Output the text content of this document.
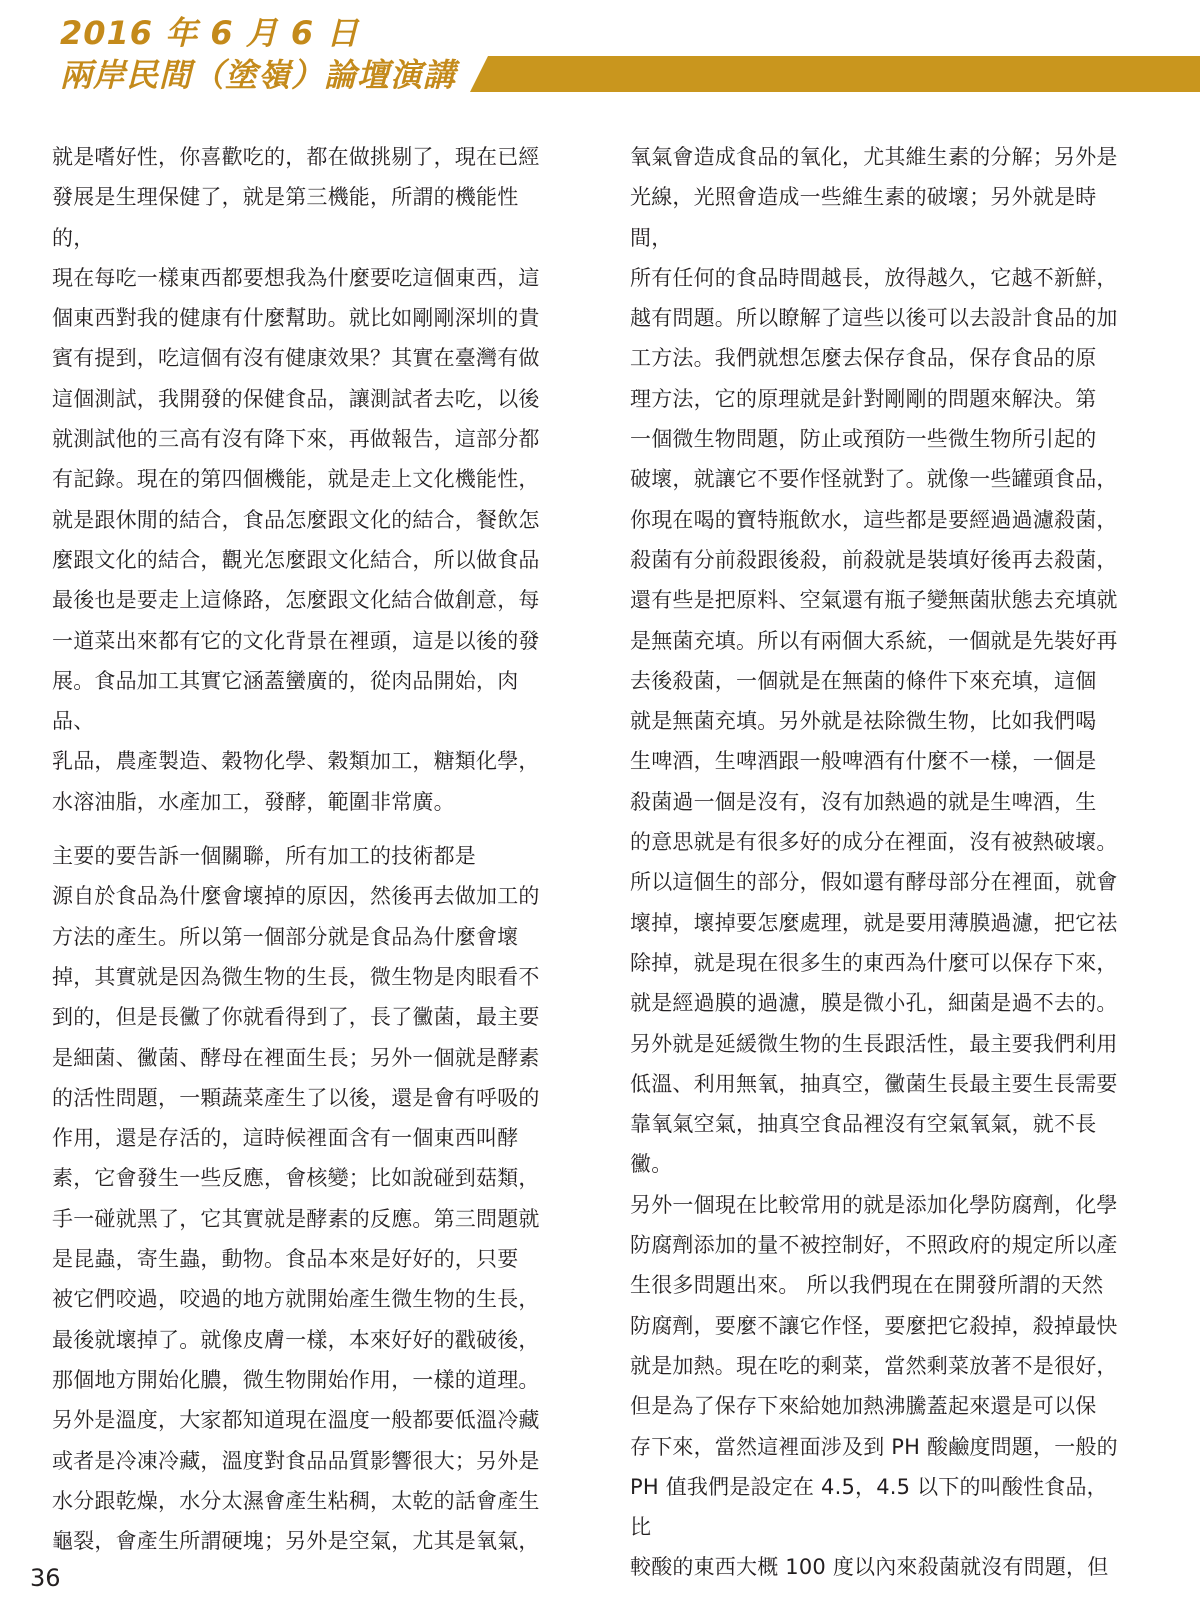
2016 年 6 月 6 日
兩岸民間（塗嶺）論壇演講

就是嗜好性，你喜歡吃的，都在做挑剔了，現在已經
發展是生理保健了，就是第三機能，所謂的機能性的，
現在每吃一樣東西都要想我為什麼要吃這個東西，這
個東西對我的健康有什麼幫助。就比如剛剛深圳的貴
賓有提到，吃這個有沒有健康效果？其實在臺灣有做
這個測試，我開發的保健食品，讓測試者去吃，以後
就測試他的三高有沒有降下來，再做報告，這部分都
有記錄。現在的第四個機能，就是走上文化機能性，
就是跟休閒的結合，食品怎麼跟文化的結合，餐飲怎
麼跟文化的結合，觀光怎麼跟文化結合，所以做食品
最後也是要走上這條路，怎麼跟文化結合做創意，每
一道菜出來都有它的文化背景在裡頭，這是以後的發
展。食品加工其實它涵蓋蠻廣的，從肉品開始，肉品、
乳品，農產製造、穀物化學、穀類加工，糖類化學，
水溶油脂，水產加工，發酵，範圍非常廣。

主要的要告訴一個關聯，所有加工的技術都是
源自於食品為什麼會壞掉的原因，然後再去做加工的
方法的產生。所以第一個部分就是食品為什麼會壞
掉，其實就是因為微生物的生長，微生物是肉眼看不
到的，但是長黴了你就看得到了，長了黴菌，最主要
是細菌、黴菌、酵母在裡面生長；另外一個就是酵素
的活性問題，一顆蔬菜產生了以後，還是會有呼吸的
作用，還是存活的，這時候裡面含有一個東西叫酵
素，它會發生一些反應，會核變；比如說碰到菇類，
手一碰就黑了，它其實就是酵素的反應。第三問題就
是昆蟲，寄生蟲，動物。食品本來是好好的，只要
被它們咬過，咬過的地方就開始產生微生物的生長，
最後就壞掉了。就像皮膚一樣，本來好好的戳破後，
那個地方開始化膿，微生物開始作用，一樣的道理。
另外是溫度，大家都知道現在溫度一般都要低溫冷藏
或者是冷凍冷藏，溫度對食品品質影響很大；另外是
水分跟乾燥，水分太濕會產生粘稠，太乾的話會產生
龜裂，會產生所謂硬塊；另外是空氣，尤其是氧氣，

氧氣會造成食品的氧化，尤其維生素的分解；另外是
光線，光照會造成一些維生素的破壞；另外就是時間，
所有任何的食品時間越長，放得越久，它越不新鮮，
越有問題。所以瞭解了這些以後可以去設計食品的加
工方法。我們就想怎麼去保存食品，保存食品的原
理方法，它的原理就是針對剛剛的問題來解決。第
一個微生物問題，防止或預防一些微生物所引起的
破壞，就讓它不要作怪就對了。就像一些罐頭食品，
你現在喝的寶特瓶飲水，這些都是要經過過濾殺菌，
殺菌有分前殺跟後殺，前殺就是裝填好後再去殺菌，
還有些是把原料、空氣還有瓶子變無菌狀態去充填就
是無菌充填。所以有兩個大系統，一個就是先裝好再
去後殺菌，一個就是在無菌的條件下來充填，這個
就是無菌充填。另外就是祛除微生物，比如我們喝
生啤酒，生啤酒跟一般啤酒有什麼不一樣，一個是
殺菌過一個是沒有，沒有加熱過的就是生啤酒，生
的意思就是有很多好的成分在裡面，沒有被熱破壞。
所以這個生的部分，假如還有酵母部分在裡面，就會
壞掉，壞掉要怎麼處理，就是要用薄膜過濾，把它祛
除掉，就是現在很多生的東西為什麼可以保存下來，
就是經過膜的過濾，膜是微小孔，細菌是過不去的。
另外就是延緩微生物的生長跟活性，最主要我們利用
低溫、利用無氧，抽真空，黴菌生長最主要生長需要
靠氧氣空氣，抽真空食品裡沒有空氣氧氣，就不長黴。
另外一個現在比較常用的就是添加化學防腐劑，化學
防腐劑添加的量不被控制好，不照政府的規定所以產
生很多問題出來。 所以我們現在在開發所謂的天然
防腐劑，要麼不讓它作怪，要麼把它殺掉，殺掉最快
就是加熱。現在吃的剩菜，當然剩菜放著不是很好，
但是為了保存下來給她加熱沸騰蓋起來還是可以保
存下來，當然這裡面涉及到 PH 酸鹼度問題，一般的
PH 值我們是設定在 4.5，4.5 以下的叫酸性食品，比
較酸的東西大概 100 度以內來殺菌就沒有問題，但

36
